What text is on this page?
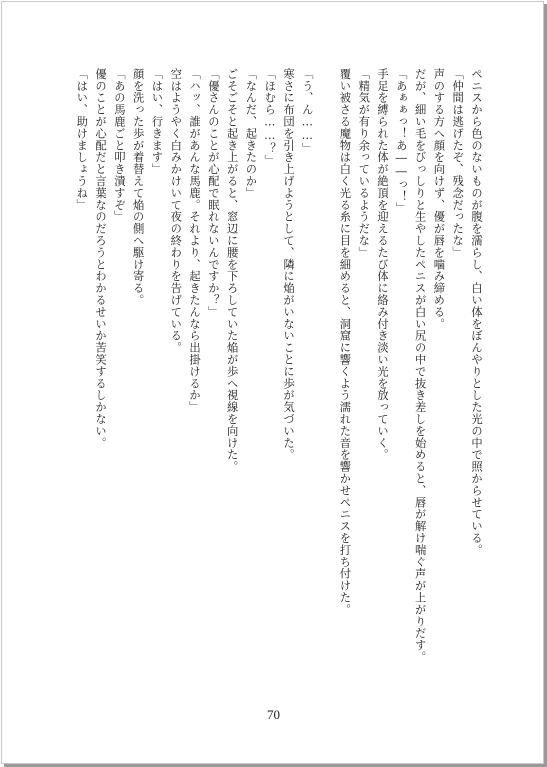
ペニスから色のないものが腹を濡らし、白い体をぼんやりとした光の中で照からせている。

「仲間は逃げたぞ、残念だったな」

声のする方へ顔を向けず、優が唇を噛み締める。

だが、細い毛をびっしりと生やしたペニスが白い尻の中で抜き差しを始めると、唇が解け喘ぐ声が上がりだす。

「あぁぁっ！あ――っ！」

手足を縛られた体が絶頂を迎えるたび体に絡み付き淡い光を放っていく。

「精気が有り余っているようだな」

覆い被さる魔物は白く光る糸に目を細めると、洞窟に響くよう濡れた音を響かせペニスを打ち付けた。

「う、ん……」

寒さに布団を引き上げようとして、隣に焔がいないことに歩が気づいた。

「ほむら……？」

「なんだ、起きたのか」

ごそごそと起き上がると、窓辺に腰を下ろしていた焔が歩へ視線を向けた。

「優さんのことが心配で眠れないんですか？」

「ハッ、誰があんな馬鹿。それより、起きたんなら出掛けるか」

空はようやく白みかけいて夜の終わりを告げている。

「はい、行きます」

顔を洗った歩が着替えて焔の側へ駆け寄る。

「あの馬鹿ごと叩き潰すぞ」

優のことが心配だと言葉なのだろうとわかるせいか苦笑するしかない。

「はい、助けましょうね」

70
